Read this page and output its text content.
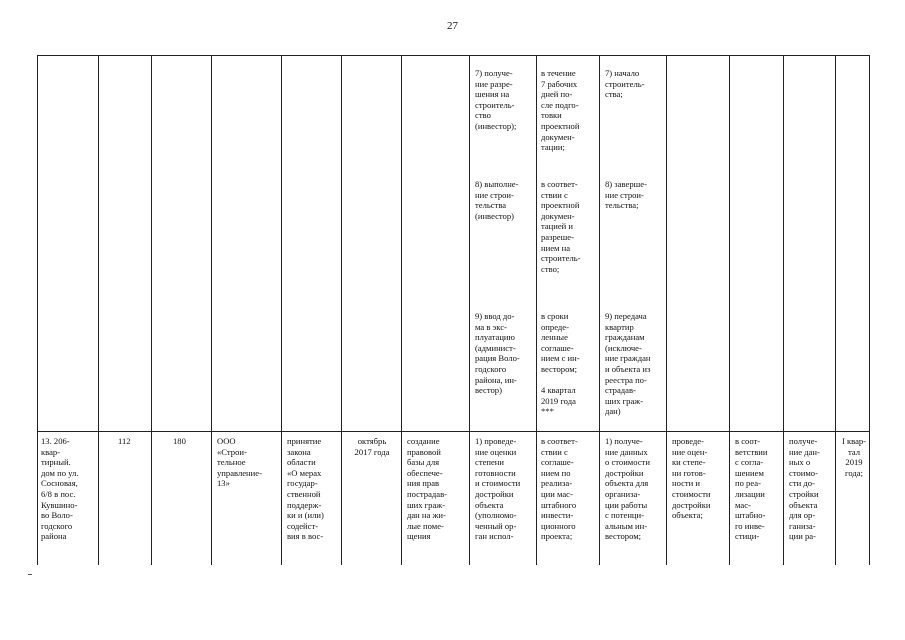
27
7) получе-
ние разре-
шения на
строитель-
ство
(инвестор);
в течение
7 рабочих
дней по-
сле подго-
товки
проектной
докумен-
тации;
7) начало
строитель-
ства;
8) выполне-
ние строи-
тельства
(инвестор)
в соответ-
ствии с
проектной
докумен-
тацией и
разреше-
нием на
строитель-
ство;
8) заверше-
ние строи-
тельства;
9) ввод до-
ма в экс-
плуатацию
(админист-
рация Воло-
годского
района, ин-
вестор)
в сроки
опреде-
ленные
соглаше-
нием с ин-
вестором;

4 квартал
2019 года
***
9) передача
квартир
гражданам
(исключе-
ние граждан
и объекта из
реестра по-
страдав-
ших граж-
дан)
13. 206-
квар-
тирный.
дом по ул.
Сосновая,
6/8 в пос.
Кувшино-
во Воло-
годского
района
112	180	ООО
«Строи-
тельное
управление-
13»
принятие
закона
области
«О мерах
государ-
ственной
поддерж-
ки и (или)
содейст-
вия в вос-
октябрь
2017 года
создание
правовой
базы для
обеспече-
ния прав
пострадав-
ших граж-
дан на жи-
лые поме-
щения
1) проведе-
ние оценки
степени
готовности
и стоимости
достройки
объекта
(уполномо-
ченный ор-
ган испол-
в соответ-
ствии с
соглаше-
нием по
реализа-
ции мас-
штабного
инвести-
ционного
проекта;
1) получе-
ние данных
о стоимости
достройки
объекта для
организа-
ции работы
с потенци-
альным ин-
вестором;
проведе-
ние оцен-
ки степе-
ни готов-
ности и
стоимости
достройки
объекта;
в соот-
ветствии
с согла-
шением
по реа-
лизации
мас-
штабно-
го инве-
стици-
получе-
ние дан-
ных о
стоимо-
сти до-
стройки
объекта
для ор-
ганиза-
ции ра-
I квар-
тал
2019
года;
